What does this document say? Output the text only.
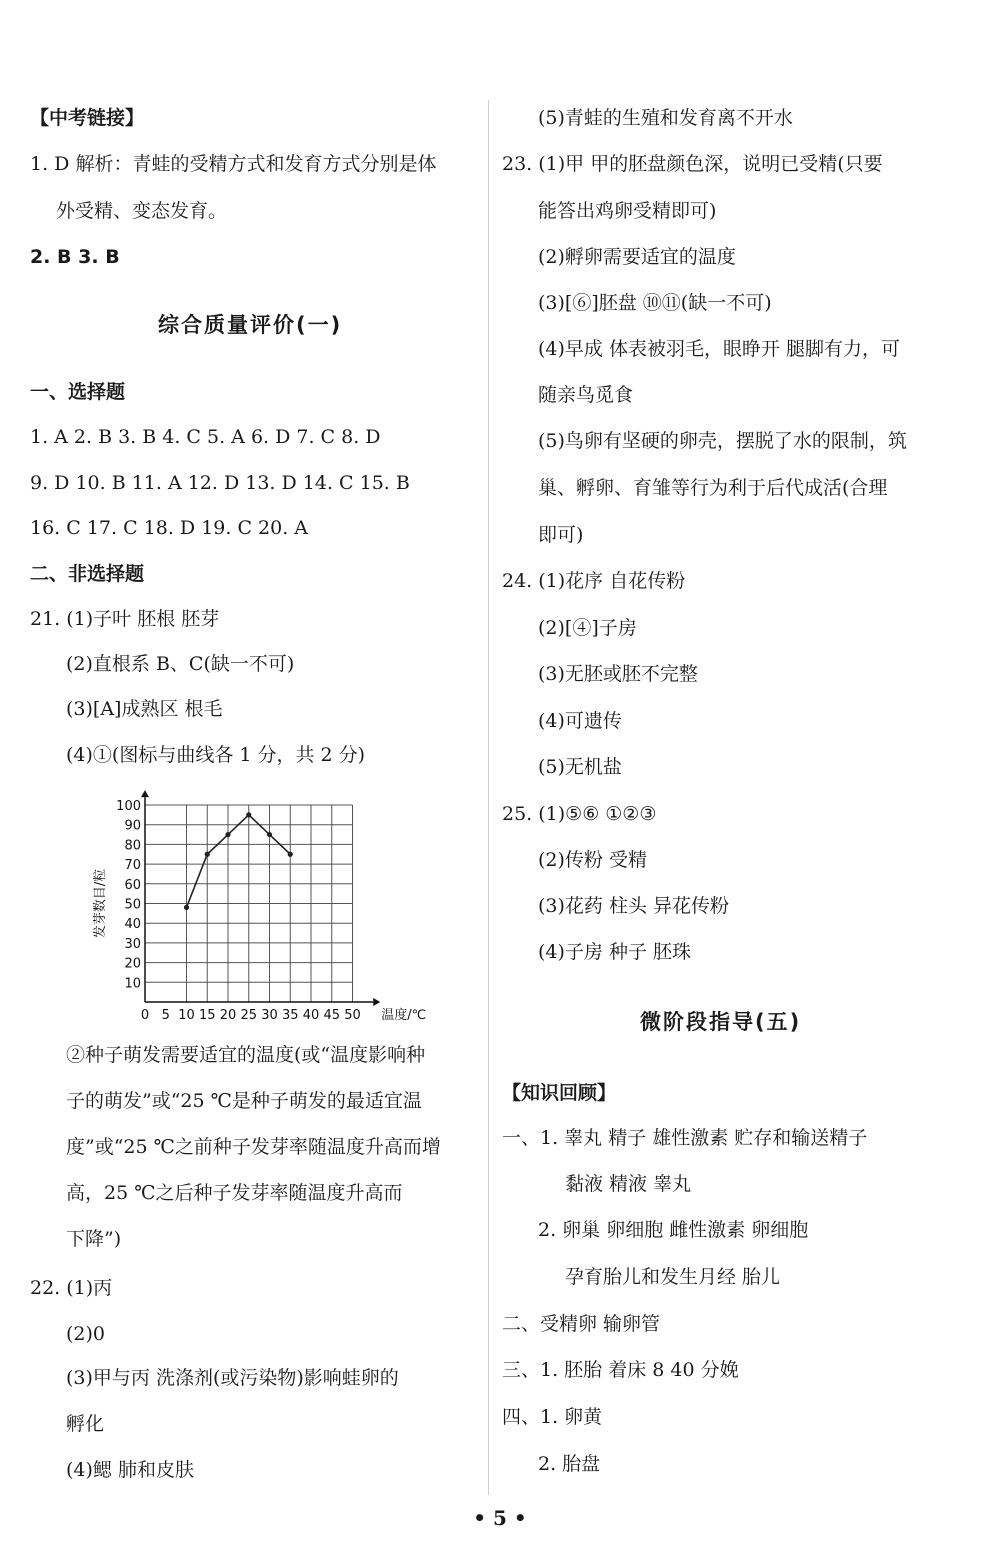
【中考链接】
1. D 解析：青蛙的受精方式和发育方式分别是体
外受精、变态发育。
2. B 3. B
综合质量评价(一)
一、选择题
1. A 2. B 3. B 4. C 5. A 6. D 7. C 8. D
9. D 10. B 11. A 12. D 13. D 14. C 15. B
16. C 17. C 18. D 19. C 20. A
二、非选择题
21. (1)子叶 胚根 胚芽
(2)直根系 B、C(缺一不可)
(3)[A]成熟区 根毛
(4)①(图标与曲线各 1 分，共 2 分)
②种子萌发需要适宜的温度(或“温度影响种
子的萌发”或“25 ℃是种子萌发的最适宜温
度”或“25 ℃之前种子发芽率随温度升高而增
高，25 ℃之后种子发芽率随温度升高而
下降”)
22. (1)丙
(2)0
(3)甲与丙 洗涤剂(或污染物)影响蛙卵的
孵化
(4)鳃 肺和皮肤
(5)青蛙的生殖和发育离不开水
23. (1)甲 甲的胚盘颜色深，说明已受精(只要
能答出鸡卵受精即可)
(2)孵卵需要适宜的温度
(3)[⑥]胚盘 ⑩⑪(缺一不可)
(4)早成 体表被羽毛，眼睁开 腿脚有力，可
随亲鸟觅食
(5)鸟卵有坚硬的卵壳，摆脱了水的限制，筑
巢、孵卵、育雏等行为利于后代成活(合理
即可)
24. (1)花序 自花传粉
(2)[④]子房
(3)无胚或胚不完整
(4)可遗传
(5)无机盐
25. (1)⑤⑥ ①②③
(2)传粉 受精
(3)花药 柱头 异花传粉
(4)子房 种子 胚珠
微阶段指导(五)
【知识回顾】
一、1. 睾丸 精子 雄性激素 贮存和输送精子
黏液 精液 睾丸
2. 卵巢 卵细胞 雌性激素 卵细胞
孕育胎儿和发生月经 胎儿
二、受精卵 输卵管
三、1. 胚胎 着床 8 40 分娩
四、1. 卵黄
2. 胎盘
0 5 10 15 20 25 30 35 40 45 50
10
20
30
40
50
60
70
80
90
100
温度/℃
发芽数目/粒
• 5 •
